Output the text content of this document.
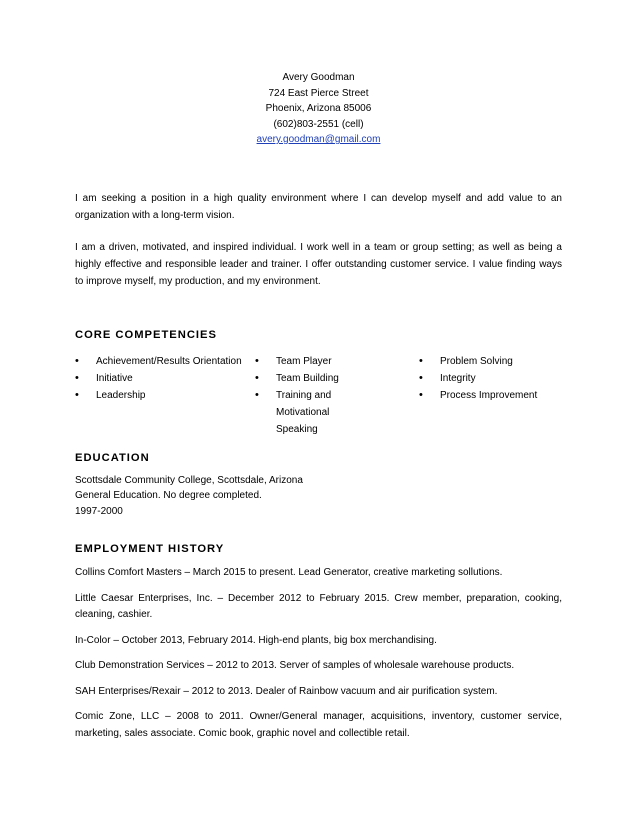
Avery Goodman
724 East Pierce Street
Phoenix, Arizona 85006
(602)803-2551 (cell)
avery.goodman@gmail.com

I am seeking a position in a high quality environment where I can develop myself and add value to an organization with a long-term vision.

I am a driven, motivated, and inspired individual. I work well in a team or group setting; as well as being a highly effective and responsible leader and trainer. I offer outstanding customer service. I value finding ways to improve myself, my production, and my environment.

CORE COMPETENCIES
• Achievement/Results Orientation
• Initiative
• Leadership
• Team Player
• Team Building
• Training and Motivational Speaking
• Problem Solving
• Integrity
• Process Improvement
EDUCATION
Scottsdale Community College, Scottsdale, Arizona
General Education. No degree completed.
1997-2000
EMPLOYMENT HISTORY

Collins Comfort Masters – March 2015 to present. Lead Generator, creative marketing sollutions.

Little Caesar Enterprises, Inc. – December 2012 to February 2015. Crew member, preparation, cooking, cleaning, cashier.

In-Color – October 2013, February 2014. High-end plants, big box merchandising.

Club Demonstration Services – 2012 to 2013. Server of samples of wholesale warehouse products.

SAH Enterprises/Rexair – 2012 to 2013. Dealer of Rainbow vacuum and air purification system.

Comic Zone, LLC – 2008 to 2011. Owner/General manager, acquisitions, inventory, customer service, marketing, sales associate. Comic book, graphic novel and collectible retail.
